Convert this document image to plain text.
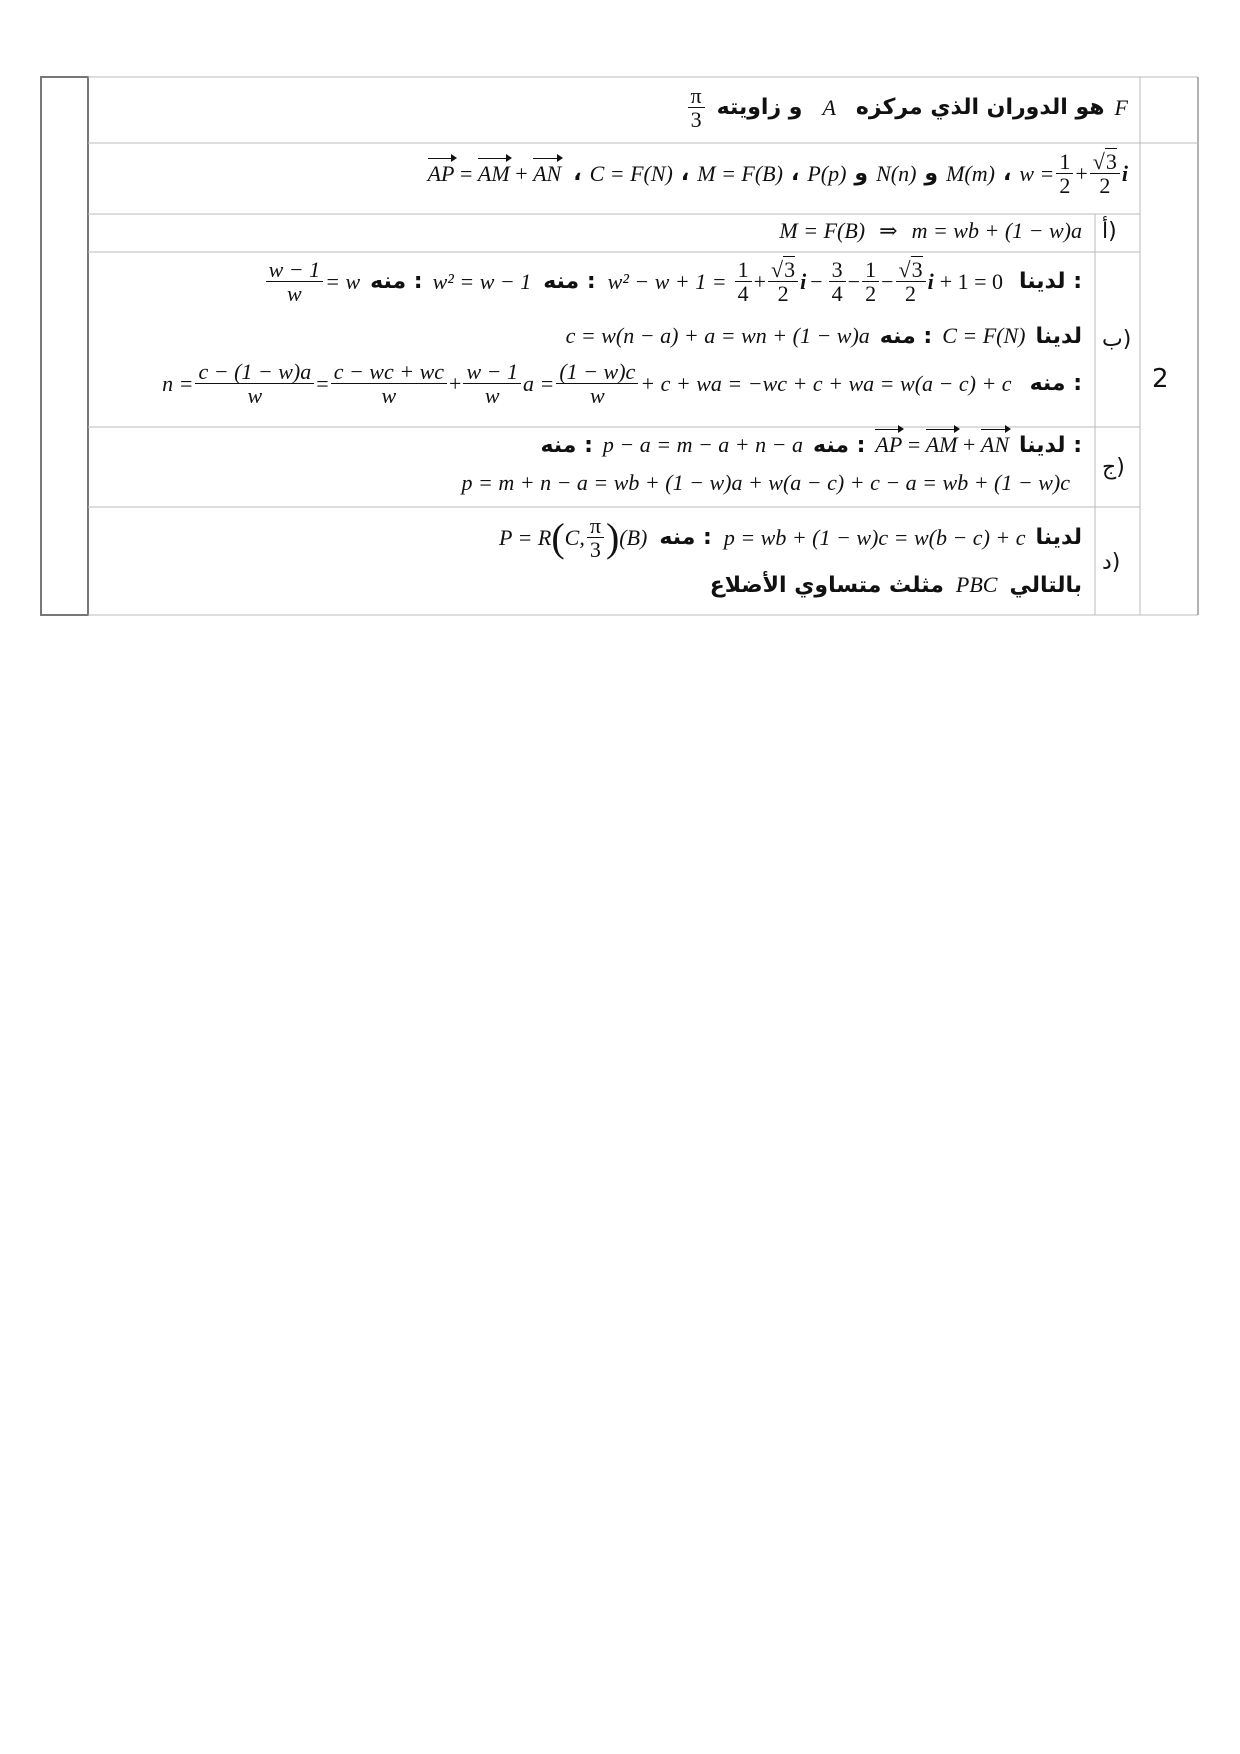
2
$\frac{\pi}{3}$ و زاويته A هو الدوران الذي مركزه F
AP = AM + AN ، C = F(N) ، M = F(B) ، P(p) و N(n) و M(m) ، $w = \frac{1}{2} + \frac{√3}{2}$ i
أ)
ب)
ج)
د)
M = F(B) ⇒ m = wb + (1 − w)a
$\frac{w - 1}{w} = w$ منه : w² = w − 1 منه : $w^2 - w + 1 = \frac{1}{4} + \frac{√3}{2}$ $i - \frac{3}{4} - \frac{1}{2} - \frac{√3}{2}$ i + 1 = 0 لدينا :
c = w(n − a) + a = wn + (1 − w)a منه : C = F(N) لدينا
$n = \frac{c - (1 - w)a}{w} = \frac{c - wc + wc}{w} + \frac{w - 1}{w}$ $a = \frac{(1 - w)c}{w} + c$ + wa = −wc + c + wa = w(a − c) + c منه :
منه : p − a = m − a + n − a منه : AP = AM + AN لدينا :
p = m + n − a = wb + (1 − w)a + w(a − c) + c − a = wb + (1 − w)c
P = R ( C, $\frac{\pi}{3}$ ) (B) منه : p = wb + (1 − w)c = w(b − c) + c لدينا
مثلث متساوي الأضلاع PBC بالتالي
